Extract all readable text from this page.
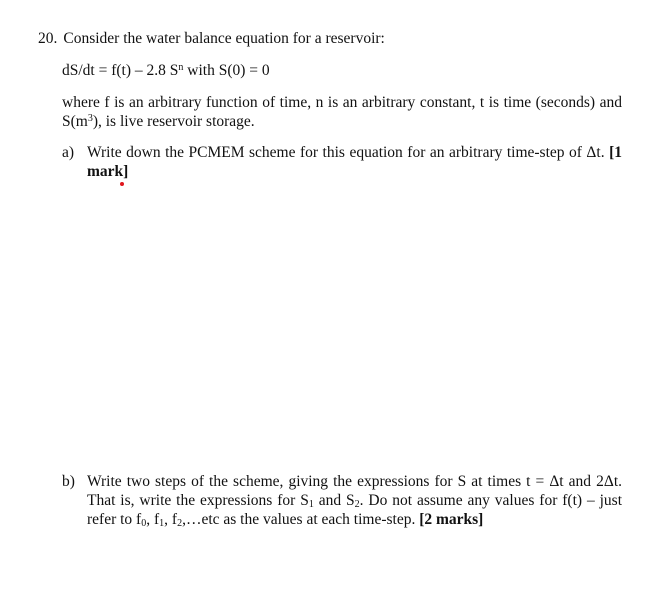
20. Consider the water balance equation for a reservoir:
dS/dt = f(t) – 2.8 $S^n$ with S(0) = 0
where f is an arbitrary function of time, n is an arbitrary constant, t is time (seconds) and $S(m^3)$, is live reservoir storage.
a) Write down the PCMEM scheme for this equation for an arbitrary time-step of Δt. [1 mark]
b) Write two steps of the scheme, giving the expressions for S at times t = Δt and 2Δt. That is, write the expressions for $S_1$ and $S_2$. Do not assume any values for f(t) – just refer to $f_0$, $f_1$, $f_2,\dots etc$ as the values at each time-step. [2 marks]
